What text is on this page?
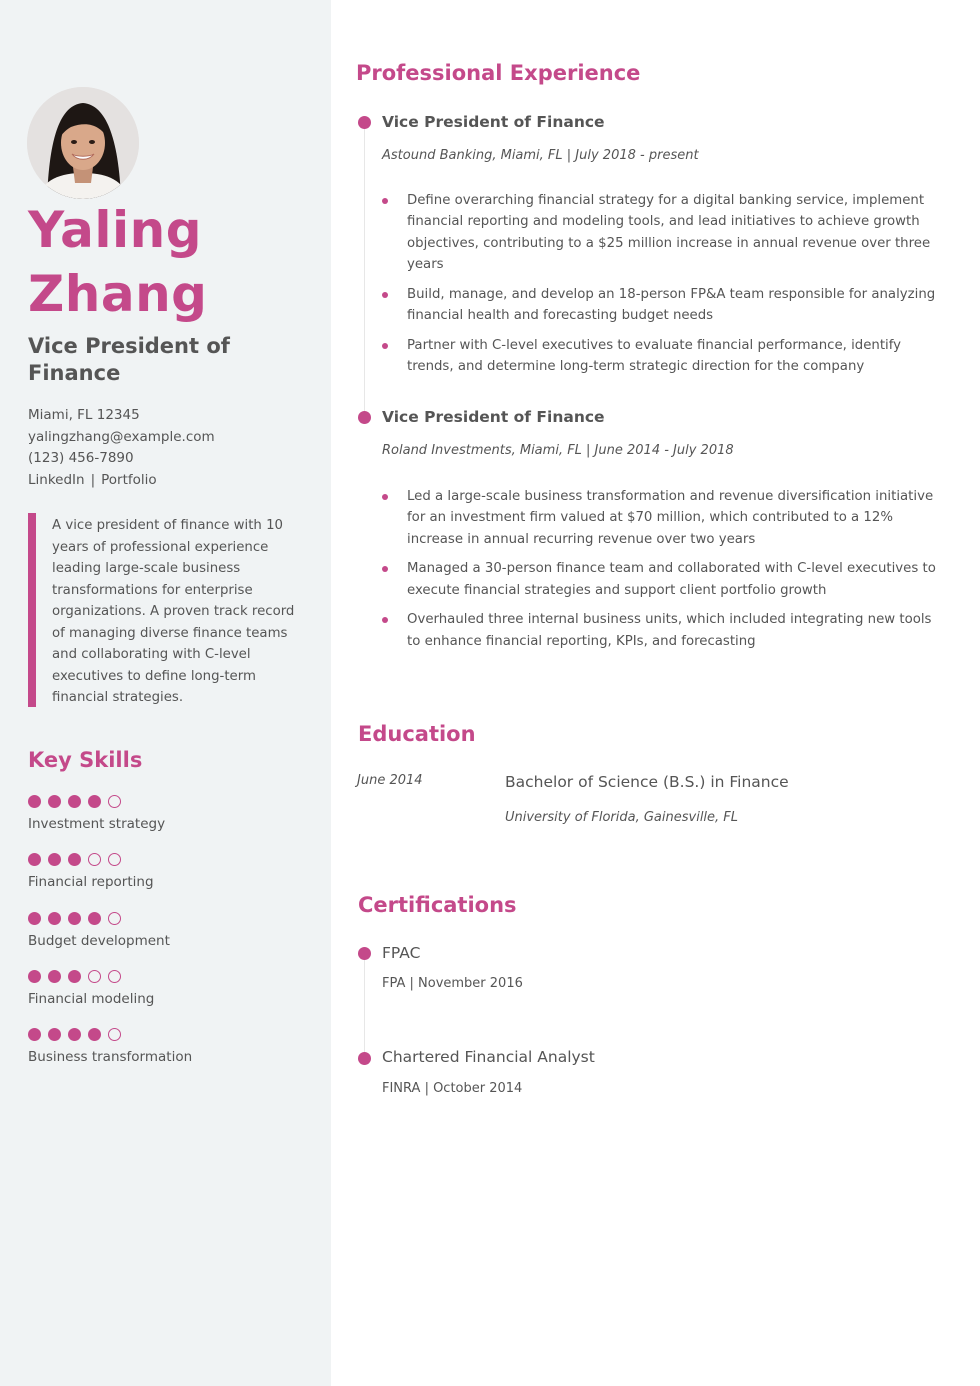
Yaling
Zhang
Vice President of Finance
Miami, FL 12345
yalingzhang@example.com
(123) 456-7890
LinkedIn | Portfolio
A vice president of finance with 10 years of professional experience leading large-scale business transformations for enterprise organizations. A proven track record of managing diverse finance teams and collaborating with C-level executives to define long-term financial strategies.
Key Skills
Investment strategy
Financial reporting
Budget development
Financial modeling
Business transformation
Professional Experience
Vice President of Finance
Astound Banking, Miami, FL | July 2018 - present
Define overarching financial strategy for a digital banking service, implement financial reporting and modeling tools, and lead initiatives to achieve growth objectives, contributing to a $25 million increase in annual revenue over three years
Build, manage, and develop an 18-person FP&A team responsible for analyzing financial health and forecasting budget needs
Partner with C-level executives to evaluate financial performance, identify trends, and determine long-term strategic direction for the company
Vice President of Finance
Roland Investments, Miami, FL | June 2014 - July 2018
Led a large-scale business transformation and revenue diversification initiative for an investment firm valued at $70 million, which contributed to a 12% increase in annual recurring revenue over two years
Managed a 30-person finance team and collaborated with C-level executives to execute financial strategies and support client portfolio growth
Overhauled three internal business units, which included integrating new tools to enhance financial reporting, KPIs, and forecasting
Education
June 2014	Bachelor of Science (B.S.) in Finance
University of Florida, Gainesville, FL
Certifications
FPAC
FPA | November 2016
Chartered Financial Analyst
FINRA | October 2014
